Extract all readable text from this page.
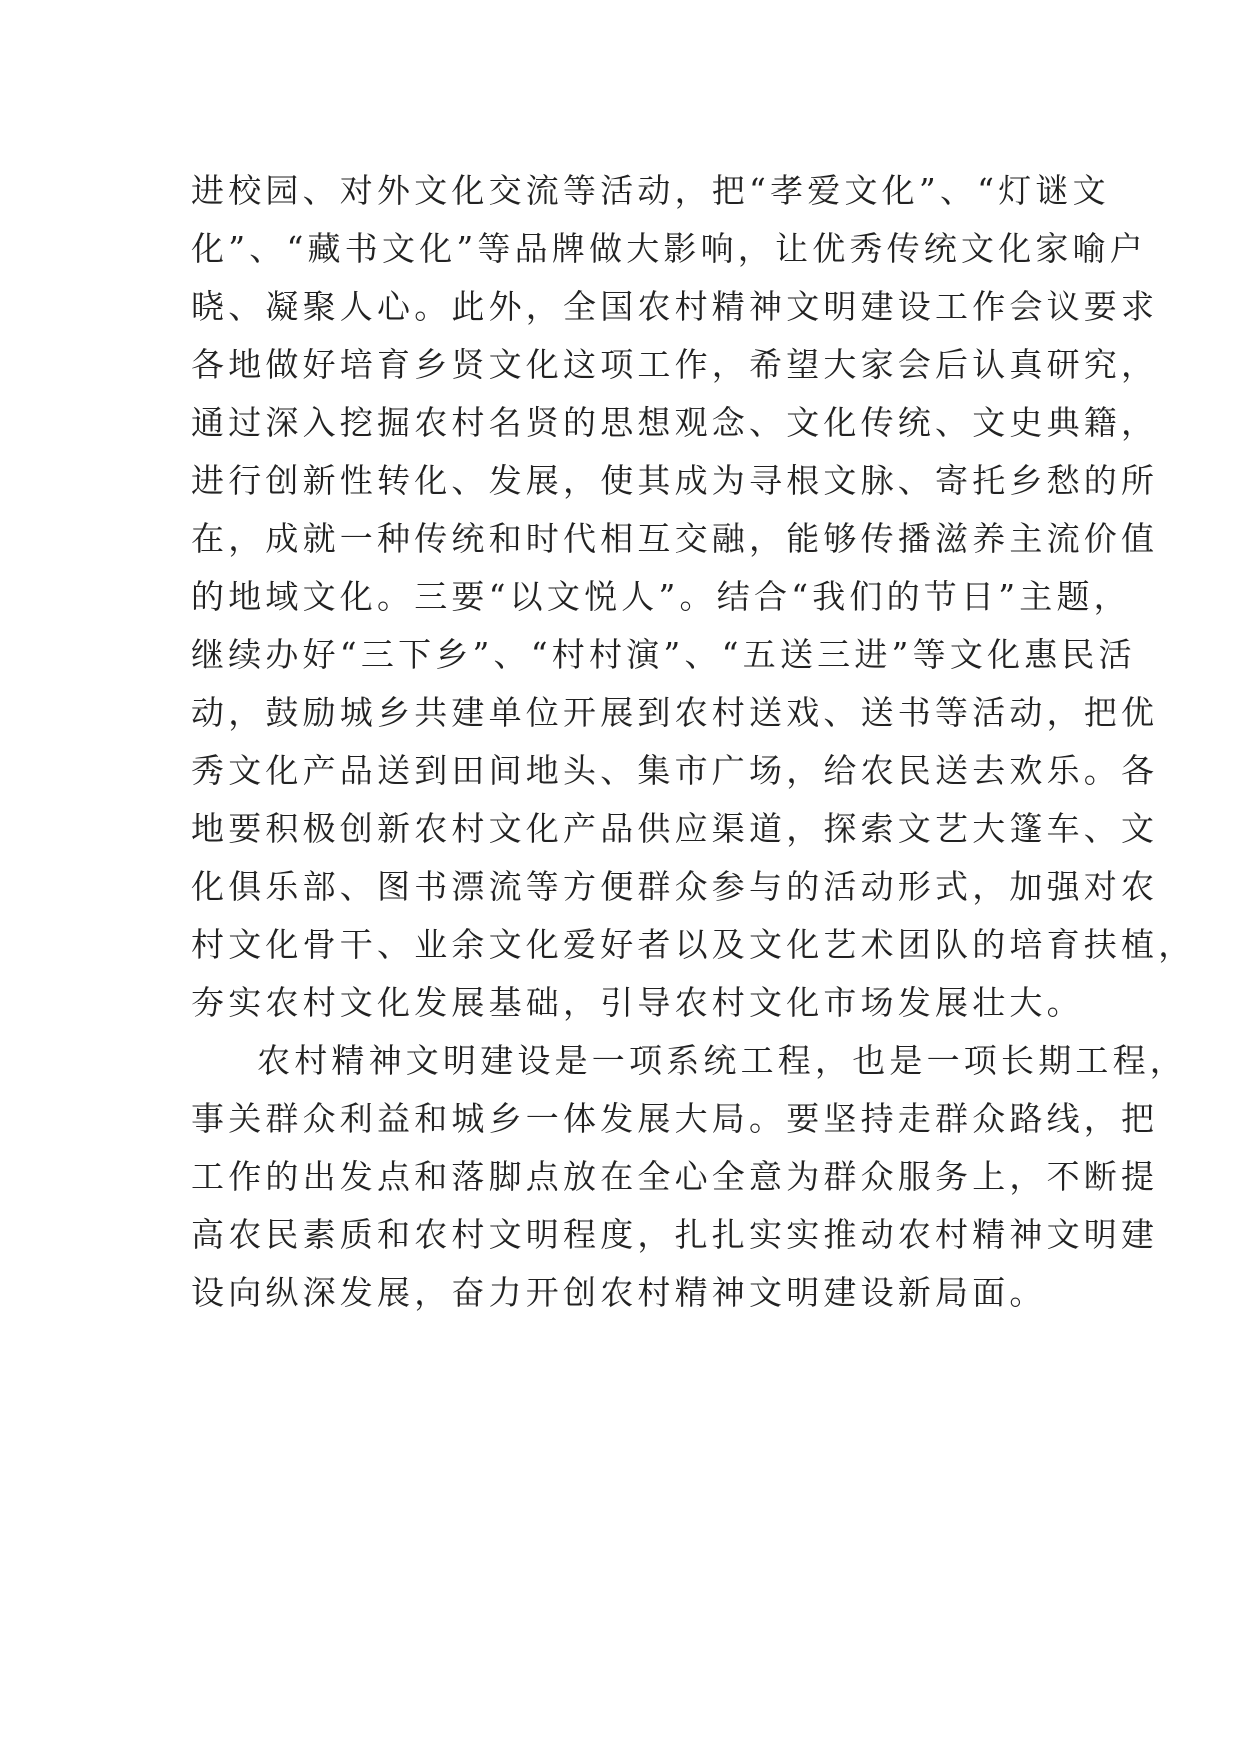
进校园、对外文化交流等活动，把“孝爱文化”、“灯谜文
化”、“藏书文化”等品牌做大影响，让优秀传统文化家喻户
晓、凝聚人心。此外，全国农村精神文明建设工作会议要求
各地做好培育乡贤文化这项工作，希望大家会后认真研究，
通过深入挖掘农村名贤的思想观念、文化传统、文史典籍，
进行创新性转化、发展，使其成为寻根文脉、寄托乡愁的所
在，成就一种传统和时代相互交融，能够传播滋养主流价值
的地域文化。三要“以文悦人”。结合“我们的节日”主题，
继续办好“三下乡”、“村村演”、“五送三进”等文化惠民活
动，鼓励城乡共建单位开展到农村送戏、送书等活动，把优
秀文化产品送到田间地头、集市广场，给农民送去欢乐。各
地要积极创新农村文化产品供应渠道，探索文艺大篷车、文
化俱乐部、图书漂流等方便群众参与的活动形式，加强对农
村文化骨干、业余文化爱好者以及文化艺术团队的培育扶植，
夯实农村文化发展基础，引导农村文化市场发展壮大。
农村精神文明建设是一项系统工程，也是一项长期工程，
事关群众利益和城乡一体发展大局。要坚持走群众路线，把
工作的出发点和落脚点放在全心全意为群众服务上，不断提
高农民素质和农村文明程度，扎扎实实推动农村精神文明建
设向纵深发展，奋力开创农村精神文明建设新局面。
